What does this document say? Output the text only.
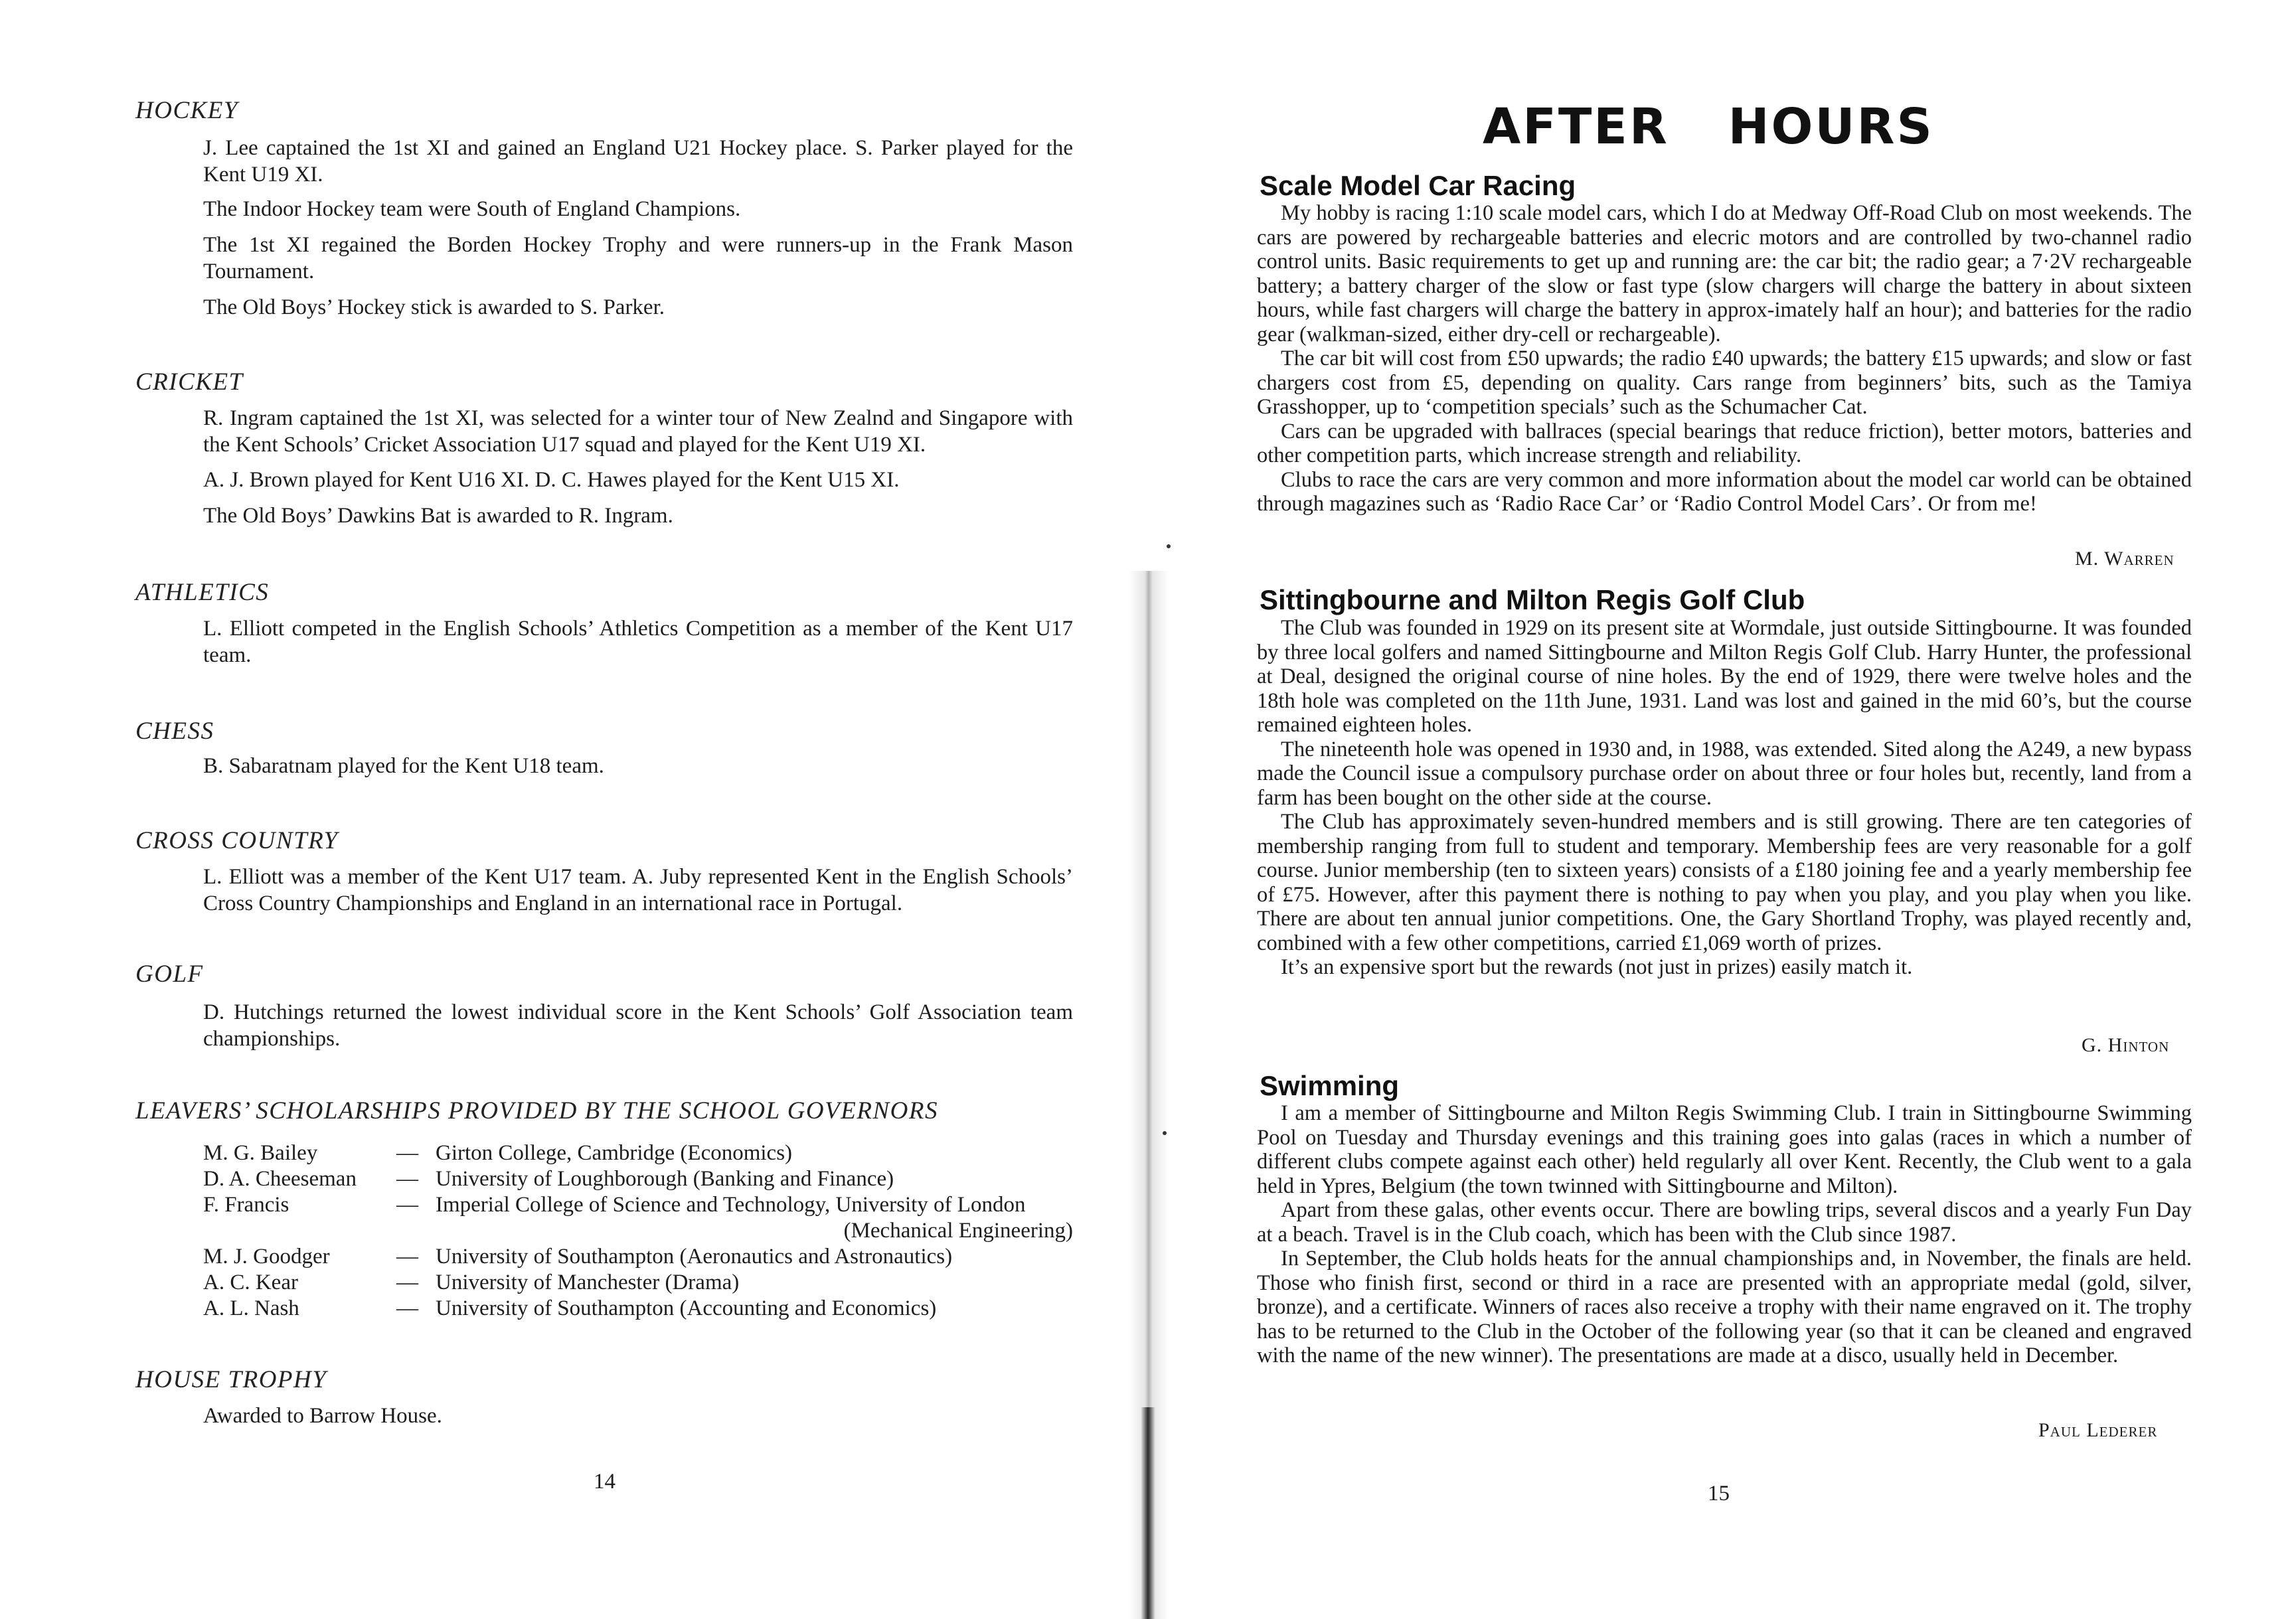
HOCKEY

J. Lee captained the 1st XI and gained an England U21 Hockey place. S. Parker played for the Kent U19 XI.

The Indoor Hockey team were South of England Champions.

The 1st XI regained the Borden Hockey Trophy and were runners-up in the Frank Mason Tournament.

The Old Boys’ Hockey stick is awarded to S. Parker.

CRICKET

R. Ingram captained the 1st XI, was selected for a winter tour of New Zealnd and Singapore with the Kent Schools’ Cricket Association U17 squad and played for the Kent U19 XI.

A. J. Brown played for Kent U16 XI. D. C. Hawes played for the Kent U15 XI.

The Old Boys’ Dawkins Bat is awarded to R. Ingram.

ATHLETICS

L. Elliott competed in the English Schools’ Athletics Competition as a member of the Kent U17 team.

CHESS

B. Sabaratnam played for the Kent U18 team.

CROSS COUNTRY

L. Elliott was a member of the Kent U17 team. A. Juby represented Kent in the English Schools’ Cross Country Championships and England in an international race in Portugal.

GOLF

D. Hutchings returned the lowest individual score in the Kent Schools’ Golf Association team championships.

LEAVERS’ SCHOLARSHIPS PROVIDED BY THE SCHOOL GOVERNORS
M. G. Bailey	—	Girton College, Cambridge (Economics)
D. A. Cheeseman	—	University of Loughborough (Banking and Finance)
F. Francis	—	Imperial College of Science and Technology, University of London
(Mechanical Engineering)

M. J. Goodger	—	University of Southampton (Aeronautics and Astronautics)
A. C. Kear	—	University of Manchester (Drama)
A. L. Nash	—	University of Southampton (Accounting and Economics)
HOUSE TROPHY

Awarded to Barrow House.

14
AFTER HOURS
Scale Model Car Racing

My hobby is racing 1:10 scale model cars, which I do at Medway Off-Road Club on most weekends. The cars are powered by rechargeable batteries and elecric motors and are controlled by two-channel radio control units. Basic requirements to get up and running are: the car bit; the radio gear; a 7·2V rechargeable battery; a battery charger of the slow or fast type (slow chargers will charge the battery in about sixteen hours, while fast chargers will charge the battery in approx-imately half an hour); and batteries for the radio gear (walkman-sized, either dry-cell or rechargeable).

The car bit will cost from £50 upwards; the radio £40 upwards; the battery £15 upwards; and slow or fast chargers cost from £5, depending on quality. Cars range from beginners’ bits, such as the Tamiya Grasshopper, up to ‘competition specials’ such as the Schumacher Cat.

Cars can be upgraded with ballraces (special bearings that reduce friction), better motors, batteries and other competition parts, which increase strength and reliability.

Clubs to race the cars are very common and more information about the model car world can be obtained through magazines such as ‘Radio Race Car’ or ‘Radio Control Model Cars’. Or from me!

M. Warren
Sittingbourne and Milton Regis Golf Club

The Club was founded in 1929 on its present site at Wormdale, just outside Sittingbourne. It was founded by three local golfers and named Sittingbourne and Milton Regis Golf Club. Harry Hunter, the professional at Deal, designed the original course of nine holes. By the end of 1929, there were twelve holes and the 18th hole was completed on the 11th June, 1931. Land was lost and gained in the mid 60’s, but the course remained eighteen holes.

The nineteenth hole was opened in 1930 and, in 1988, was extended. Sited along the A249, a new bypass made the Council issue a compulsory purchase order on about three or four holes but, recently, land from a farm has been bought on the other side at the course.

The Club has approximately seven-hundred members and is still growing. There are ten categories of membership ranging from full to student and temporary. Membership fees are very reasonable for a golf course. Junior membership (ten to sixteen years) consists of a £180 joining fee and a yearly membership fee of £75. However, after this payment there is nothing to pay when you play, and you play when you like. There are about ten annual junior competitions. One, the Gary Shortland Trophy, was played recently and, combined with a few other competitions, carried £1,069 worth of prizes.

It’s an expensive sport but the rewards (not just in prizes) easily match it.

G. Hinton
Swimming

I am a member of Sittingbourne and Milton Regis Swimming Club. I train in Sittingbourne Swimming Pool on Tuesday and Thursday evenings and this training goes into galas (races in which a number of different clubs compete against each other) held regularly all over Kent. Recently, the Club went to a gala held in Ypres, Belgium (the town twinned with Sittingbourne and Milton).

Apart from these galas, other events occur. There are bowling trips, several discos and a yearly Fun Day at a beach. Travel is in the Club coach, which has been with the Club since 1987.

In September, the Club holds heats for the annual championships and, in November, the finals are held. Those who finish first, second or third in a race are presented with an appropriate medal (gold, silver, bronze), and a certificate. Winners of races also receive a trophy with their name engraved on it. The trophy has to be returned to the Club in the October of the following year (so that it can be cleaned and engraved with the name of the new winner). The presentations are made at a disco, usually held in December.

Paul Lederer
15
